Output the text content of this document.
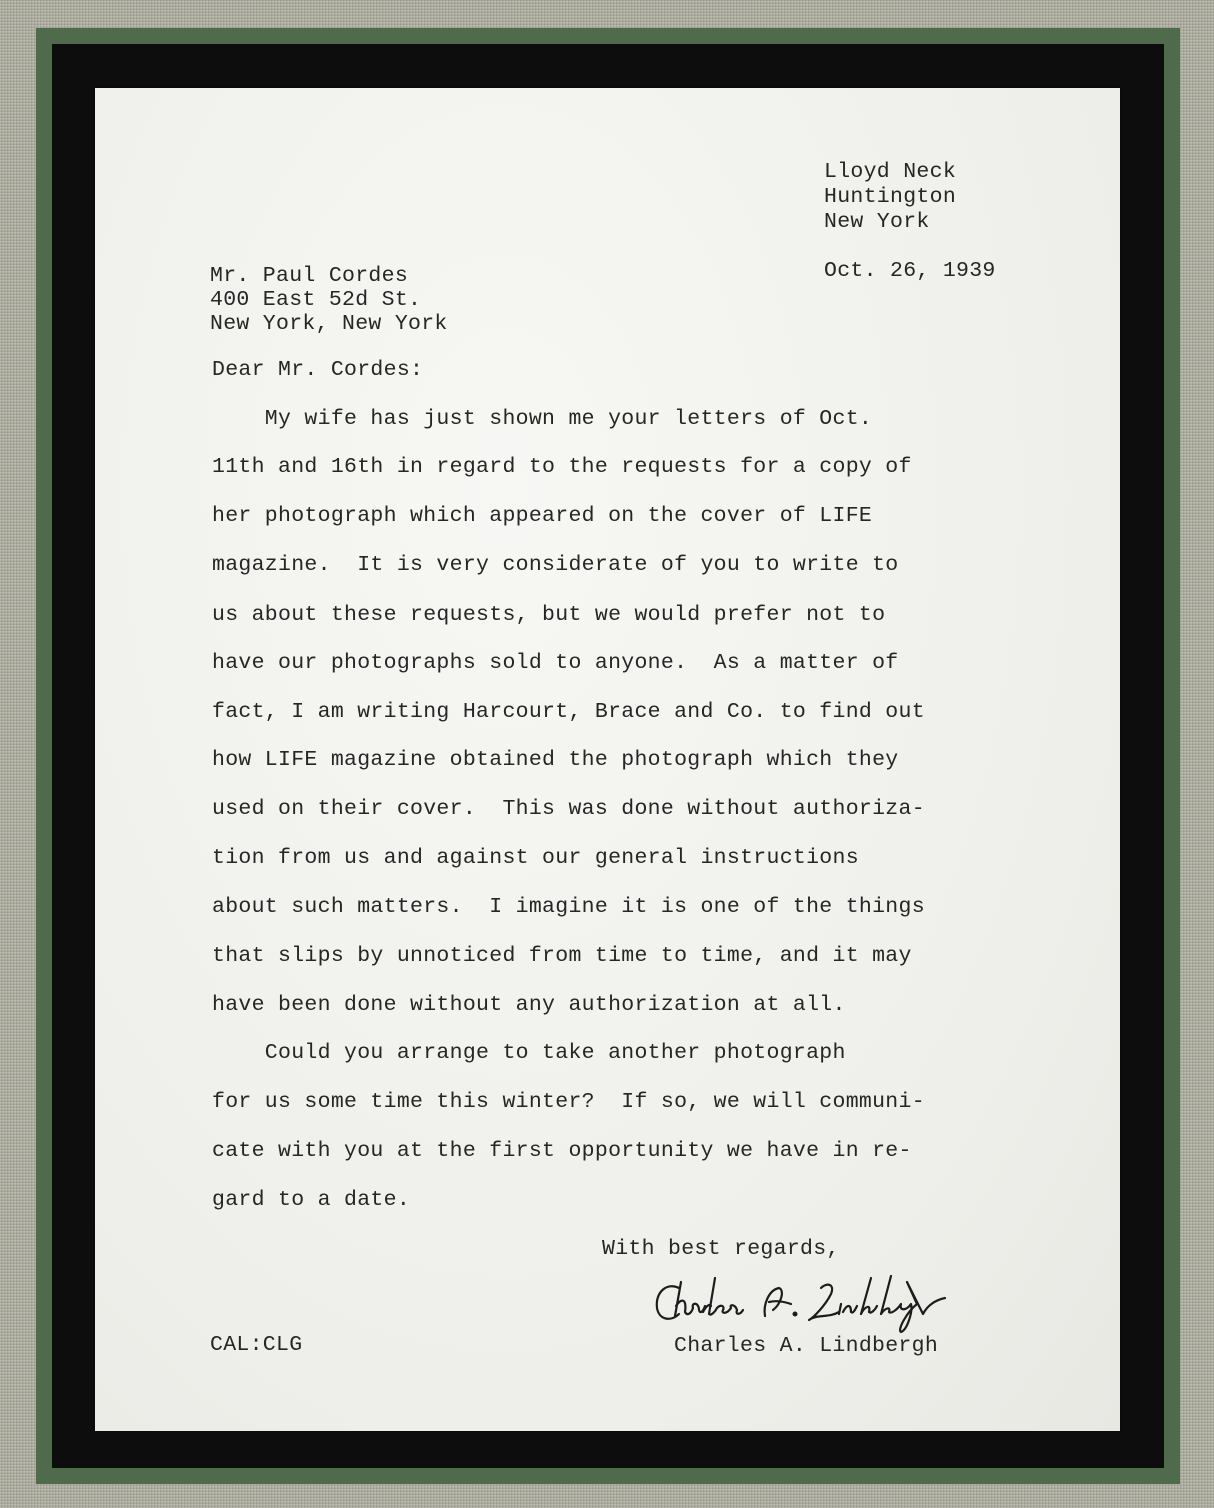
Lloyd Neck
Huntington
New York
Oct. 26, 1939
Mr. Paul Cordes
400 East 52d St.
New York, New York
Dear Mr. Cordes:
My wife has just shown me your letters of Oct.
11th and 16th in regard to the requests for a copy of
her photograph which appeared on the cover of LIFE
magazine.  It is very considerate of you to write to
us about these requests, but we would prefer not to
have our photographs sold to anyone.  As a matter of
fact, I am writing Harcourt, Brace and Co. to find out
how LIFE magazine obtained the photograph which they
used on their cover.  This was done without authoriza-
tion from us and against our general instructions
about such matters.  I imagine it is one of the things
that slips by unnoticed from time to time, and it may
have been done without any authorization at all.
Could you arrange to take another photograph
for us some time this winter?  If so, we will communi-
cate with you at the first opportunity we have in re-
gard to a date.
With best regards,
Charles A. Lindbergh
CAL:CLG
